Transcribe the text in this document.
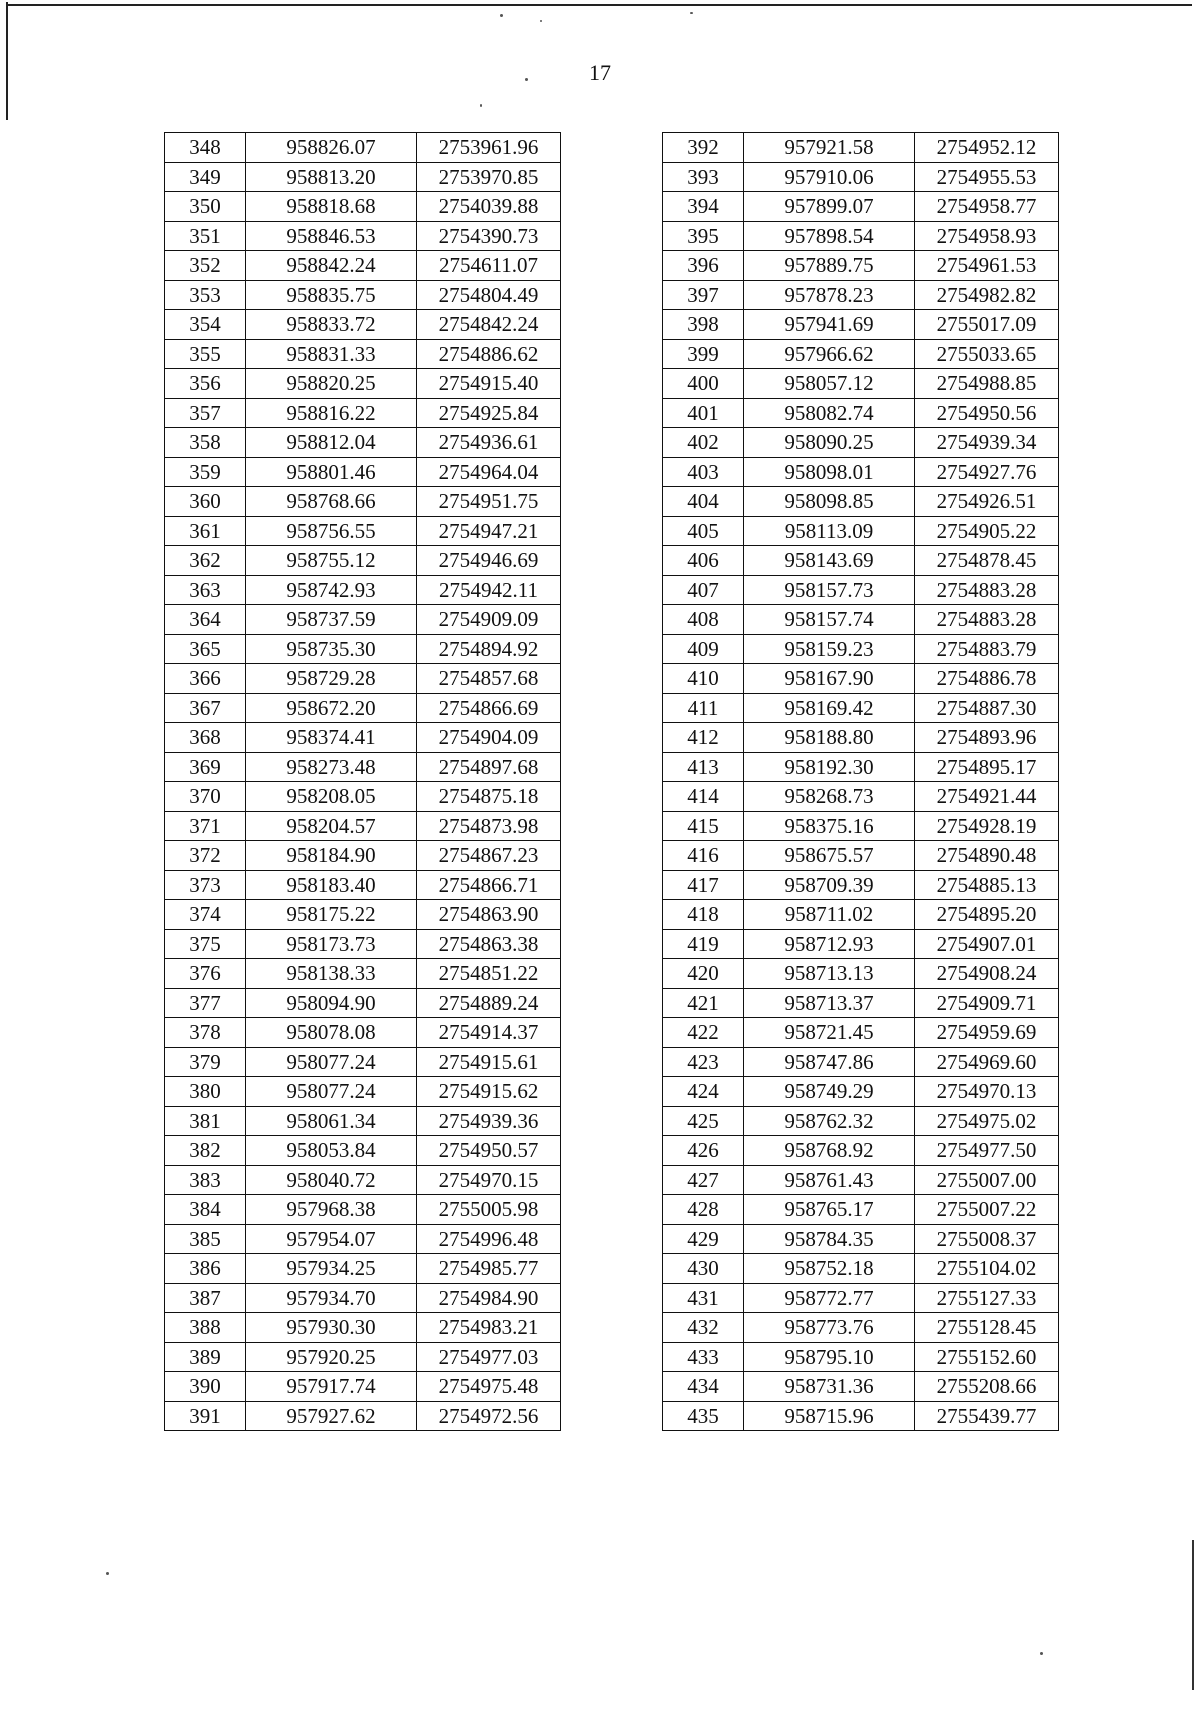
17
348	958826.07	2753961.96
349	958813.20	2753970.85
350	958818.68	2754039.88
351	958846.53	2754390.73
352	958842.24	2754611.07
353	958835.75	2754804.49
354	958833.72	2754842.24
355	958831.33	2754886.62
356	958820.25	2754915.40
357	958816.22	2754925.84
358	958812.04	2754936.61
359	958801.46	2754964.04
360	958768.66	2754951.75
361	958756.55	2754947.21
362	958755.12	2754946.69
363	958742.93	2754942.11
364	958737.59	2754909.09
365	958735.30	2754894.92
366	958729.28	2754857.68
367	958672.20	2754866.69
368	958374.41	2754904.09
369	958273.48	2754897.68
370	958208.05	2754875.18
371	958204.57	2754873.98
372	958184.90	2754867.23
373	958183.40	2754866.71
374	958175.22	2754863.90
375	958173.73	2754863.38
376	958138.33	2754851.22
377	958094.90	2754889.24
378	958078.08	2754914.37
379	958077.24	2754915.61
380	958077.24	2754915.62
381	958061.34	2754939.36
382	958053.84	2754950.57
383	958040.72	2754970.15
384	957968.38	2755005.98
385	957954.07	2754996.48
386	957934.25	2754985.77
387	957934.70	2754984.90
388	957930.30	2754983.21
389	957920.25	2754977.03
390	957917.74	2754975.48
391	957927.62	2754972.56
392	957921.58	2754952.12
393	957910.06	2754955.53
394	957899.07	2754958.77
395	957898.54	2754958.93
396	957889.75	2754961.53
397	957878.23	2754982.82
398	957941.69	2755017.09
399	957966.62	2755033.65
400	958057.12	2754988.85
401	958082.74	2754950.56
402	958090.25	2754939.34
403	958098.01	2754927.76
404	958098.85	2754926.51
405	958113.09	2754905.22
406	958143.69	2754878.45
407	958157.73	2754883.28
408	958157.74	2754883.28
409	958159.23	2754883.79
410	958167.90	2754886.78
411	958169.42	2754887.30
412	958188.80	2754893.96
413	958192.30	2754895.17
414	958268.73	2754921.44
415	958375.16	2754928.19
416	958675.57	2754890.48
417	958709.39	2754885.13
418	958711.02	2754895.20
419	958712.93	2754907.01
420	958713.13	2754908.24
421	958713.37	2754909.71
422	958721.45	2754959.69
423	958747.86	2754969.60
424	958749.29	2754970.13
425	958762.32	2754975.02
426	958768.92	2754977.50
427	958761.43	2755007.00
428	958765.17	2755007.22
429	958784.35	2755008.37
430	958752.18	2755104.02
431	958772.77	2755127.33
432	958773.76	2755128.45
433	958795.10	2755152.60
434	958731.36	2755208.66
435	958715.96	2755439.77
